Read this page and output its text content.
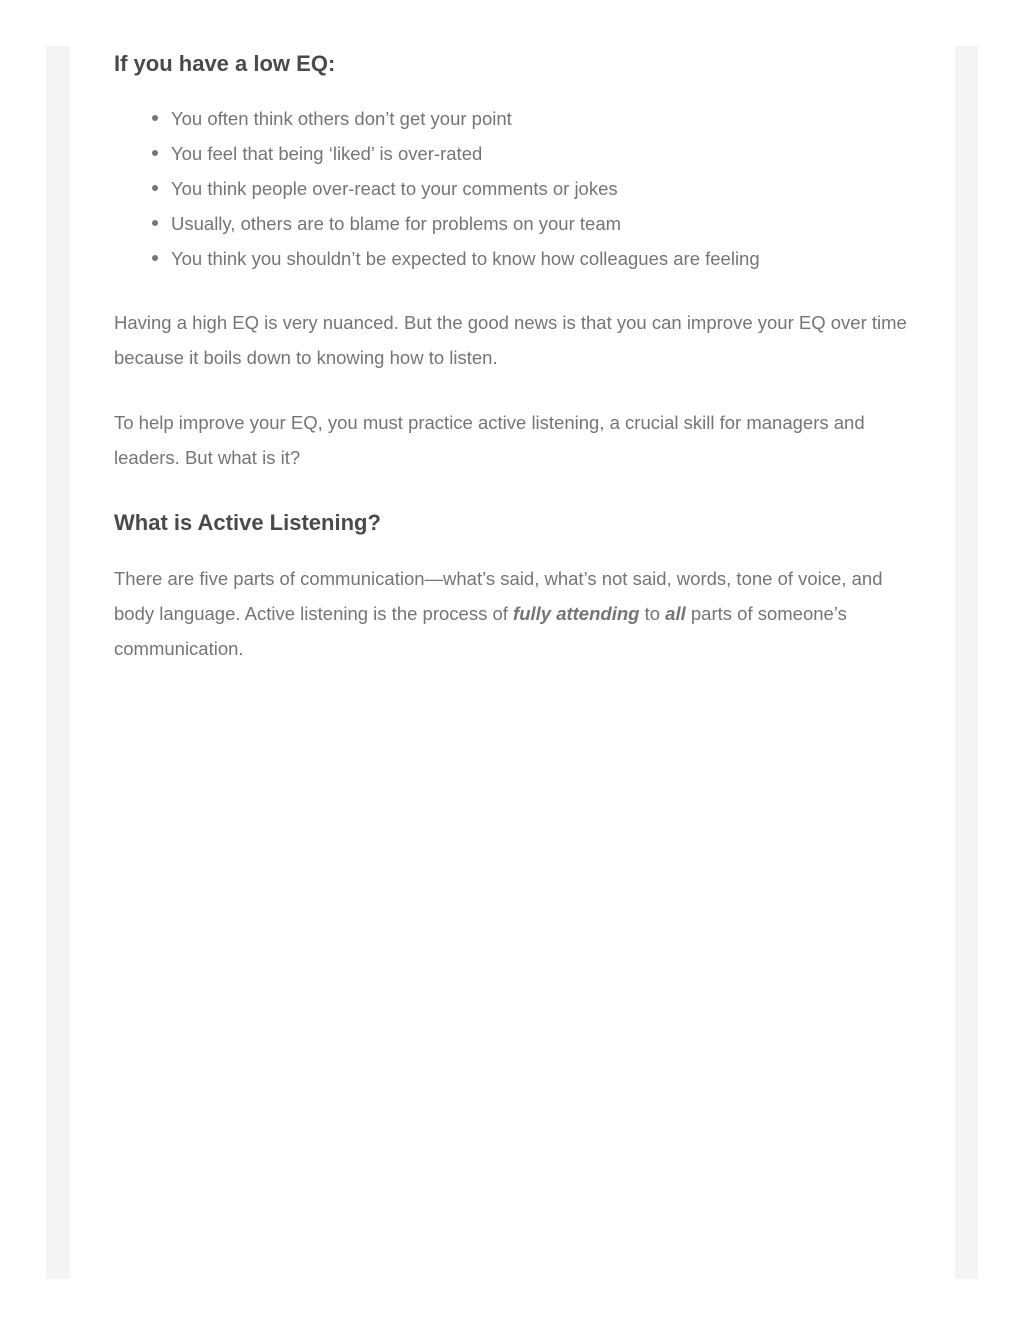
If you have a low EQ:
You often think others don’t get your point
You feel that being ‘liked’ is over-rated
You think people over-react to your comments or jokes
Usually, others are to blame for problems on your team
You think you shouldn’t be expected to know how colleagues are feeling

Having a high EQ is very nuanced. But the good news is that you can improve your EQ over time because it boils down to knowing how to listen.

To help improve your EQ, you must practice active listening, a crucial skill for managers and leaders. But what is it?

What is Active Listening?

There are five parts of communication—what’s said, what’s not said, words, tone of voice, and body language. Active listening is the process of fully attending to all parts of someone’s communication.
